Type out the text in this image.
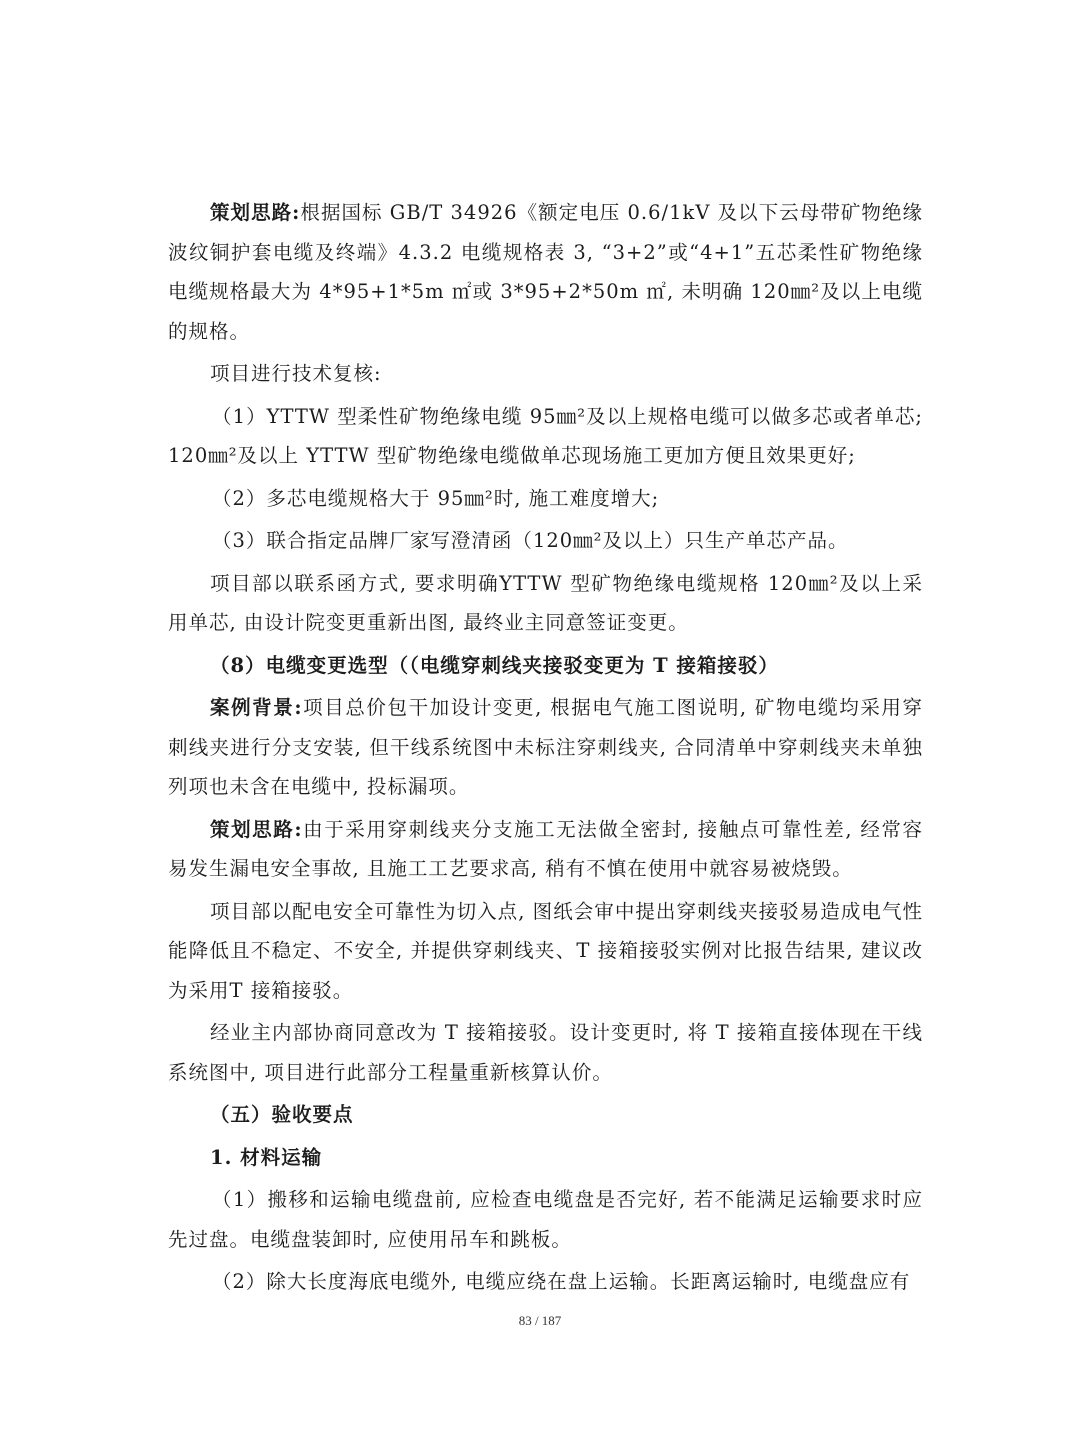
策划思路:根据国标 GB/T 34926《额定电压 0.6/1kV 及以下云母带矿物绝缘波纹铜护套电缆及终端》4.3.2 电缆规格表 3, “3+2”或“4+1”五芯柔性矿物绝缘电缆规格最大为 4*95+1*5m ㎡或 3*95+2*50m ㎡, 未明确 120㎜²及以上电缆的规格。

项目进行技术复核:

（1）YTTW 型柔性矿物绝缘电缆 95㎜²及以上规格电缆可以做多芯或者单芯; 120㎜²及以上 YTTW 型矿物绝缘电缆做单芯现场施工更加方便且效果更好;

（2）多芯电缆规格大于 95㎜²时, 施工难度增大;

（3）联合指定品牌厂家写澄清函（120㎜²及以上）只生产单芯产品。

项目部以联系函方式, 要求明确YTTW 型矿物绝缘电缆规格 120㎜²及以上采用单芯, 由设计院变更重新出图, 最终业主同意签证变更。

（8）电缆变更选型（（电缆穿刺线夹接驳变更为 T 接箱接驳）

案例背景:项目总价包干加设计变更, 根据电气施工图说明, 矿物电缆均采用穿刺线夹进行分支安装, 但干线系统图中未标注穿刺线夹, 合同清单中穿刺线夹未单独列项也未含在电缆中, 投标漏项。

策划思路:由于采用穿刺线夹分支施工无法做全密封, 接触点可靠性差, 经常容易发生漏电安全事故, 且施工工艺要求高, 稍有不慎在使用中就容易被烧毁。

项目部以配电安全可靠性为切入点, 图纸会审中提出穿刺线夹接驳易造成电气性能降低且不稳定、不安全, 并提供穿刺线夹、T 接箱接驳实例对比报告结果, 建议改为采用T 接箱接驳。

经业主内部协商同意改为 T 接箱接驳。设计变更时, 将 T 接箱直接体现在干线系统图中, 项目进行此部分工程量重新核算认价。

（五）验收要点

1. 材料运输

（1）搬移和运输电缆盘前, 应检查电缆盘是否完好, 若不能满足运输要求时应先过盘。电缆盘装卸时, 应使用吊车和跳板。

（2）除大长度海底电缆外, 电缆应绕在盘上运输。长距离运输时, 电缆盘应有

83 / 187
